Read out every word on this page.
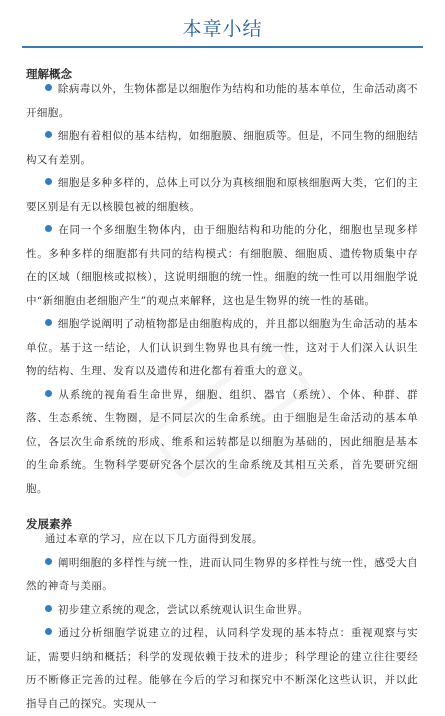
本章小结
理解概念

除病毒以外，生物体都是以细胞作为结构和功能的基本单位，生命活动离不开细胞。

细胞有着相似的基本结构，如细胞膜、细胞质等。但是，不同生物的细胞结构又有差别。

细胞是多种多样的，总体上可以分为真核细胞和原核细胞两大类，它们的主要区别是有无以核膜包被的细胞核。

在同一个多细胞生物体内，由于细胞结构和功能的分化，细胞也呈现多样性。多种多样的细胞都有共同的结构模式：有细胞膜、细胞质、遗传物质集中存在的区域（细胞核或拟核），这说明细胞的统一性。细胞的统一性可以用细胞学说中“新细胞由老细胞产生”的观点来解释，这也是生物界的统一性的基础。

细胞学说阐明了动植物都是由细胞构成的，并且都以细胞为生命活动的基本单位。基于这一结论，人们认识到生物界也具有统一性，这对于人们深入认识生物的结构、生理、发育以及遗传和进化都有着重大的意义。

从系统的视角看生命世界，细胞、组织、器官（系统）、个体、种群、群落、生态系统、生物圈，是不同层次的生命系统。由于细胞是生命活动的基本单位，各层次生命系统的形成、维系和运转都是以细胞为基础的，因此细胞是基本的生命系统。生物科学要研究各个层次的生命系统及其相互关系，首先要研究细胞。

发展素养

通过本章的学习，应在以下几方面得到发展。

阐明细胞的多样性与统一性，进而认同生物界的多样性与统一性，感受大自然的神奇与美丽。

初步建立系统的观念，尝试以系统观认识生命世界。

通过分析细胞学说建立的过程，认同科学发现的基本特点：重视观察与实证，需要归纳和概括；科学的发现依赖于技术的进步；科学理论的建立往往要经历不断修正完善的过程。能够在今后的学习和探究中不断深化这些认识，并以此指导自己的探究。实现从一
